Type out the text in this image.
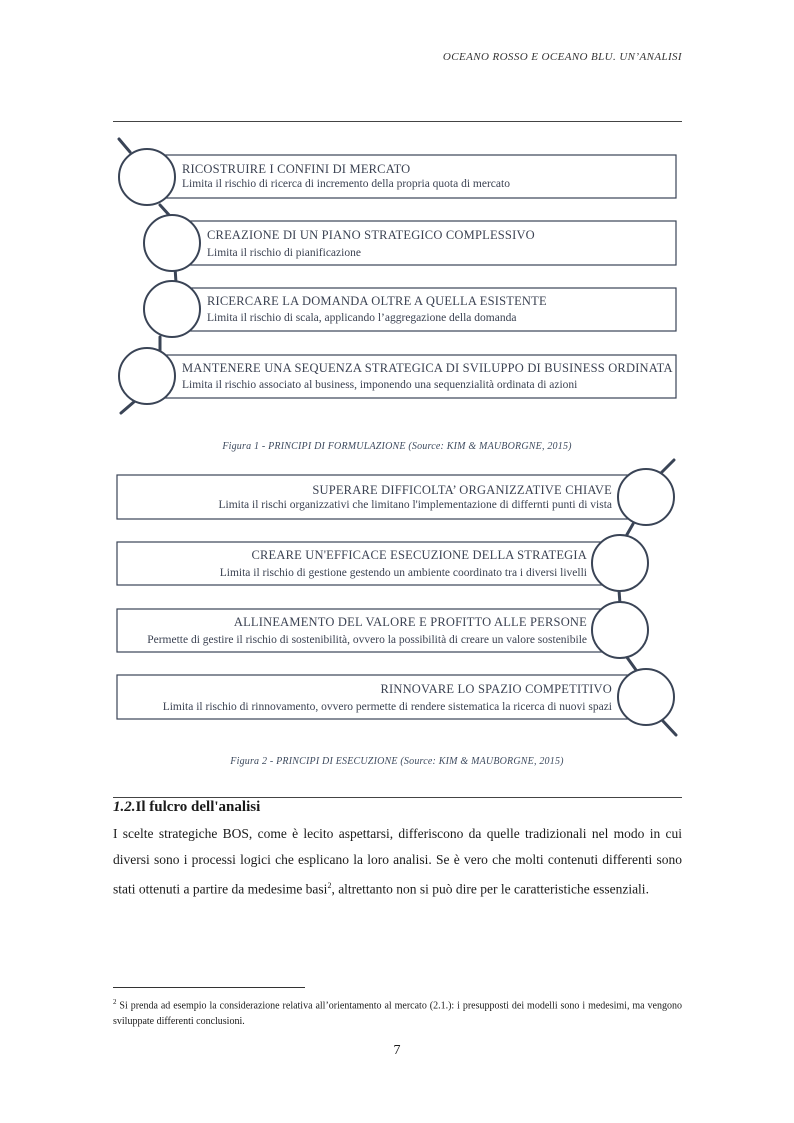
OCEANO ROSSO E OCEANO BLU. UN’ANALISI
RICOSTRUIRE I CONFINI DI MERCATO
Limita il rischio di ricerca di incremento della propria quota di mercato
CREAZIONE DI UN PIANO STRATEGICO COMPLESSIVO
Limita il rischio di pianificazione
RICERCARE LA DOMANDA OLTRE A QUELLA ESISTENTE
Limita il rischio di scala, applicando l’aggregazione della domanda
MANTENERE UNA SEQUENZA STRATEGICA DI SVILUPPO DI BUSINESS ORDINATA
Limita il rischio associato al business, imponendo una sequenzialità ordinata di azioni
Figura 1 - PRINCIPI DI FORMULAZIONE (Source: KIM & MAUBORGNE, 2015)
SUPERARE DIFFICOLTA’ ORGANIZZATIVE CHIAVE
Limita il rischi organizzativi che limitano l'implementazione di differnti punti di vista
CREARE UN'EFFICACE ESECUZIONE DELLA STRATEGIA
Limita il rischio di gestione gestendo un ambiente coordinato tra i diversi livelli
ALLINEAMENTO DEL VALORE E PROFITTO ALLE PERSONE
Permette di gestire il rischio di sostenibilità, ovvero la possibilità di creare un valore sostenibile
RINNOVARE LO SPAZIO COMPETITIVO
Limita il rischio di rinnovamento, ovvero permette di rendere sistematica la ricerca di nuovi spazi
Figura 2 - PRINCIPI DI ESECUZIONE (Source: KIM & MAUBORGNE, 2015)
1.2.Il fulcro dell'analisi
I scelte strategiche BOS, come è lecito aspettarsi, differiscono da quelle tradizionali nel modo in cui diversi sono i processi logici che esplicano la loro analisi. Se è vero che molti contenuti differenti sono stati ottenuti a partire da medesime basi$^2$, altrettanto non si può dire per le caratteristiche essenziali.
$^2$ Si prenda ad esempio la considerazione relativa all’orientamento al mercato (2.1.): i presupposti dei modelli sono i medesimi, ma vengono sviluppate differenti conclusioni.
7
